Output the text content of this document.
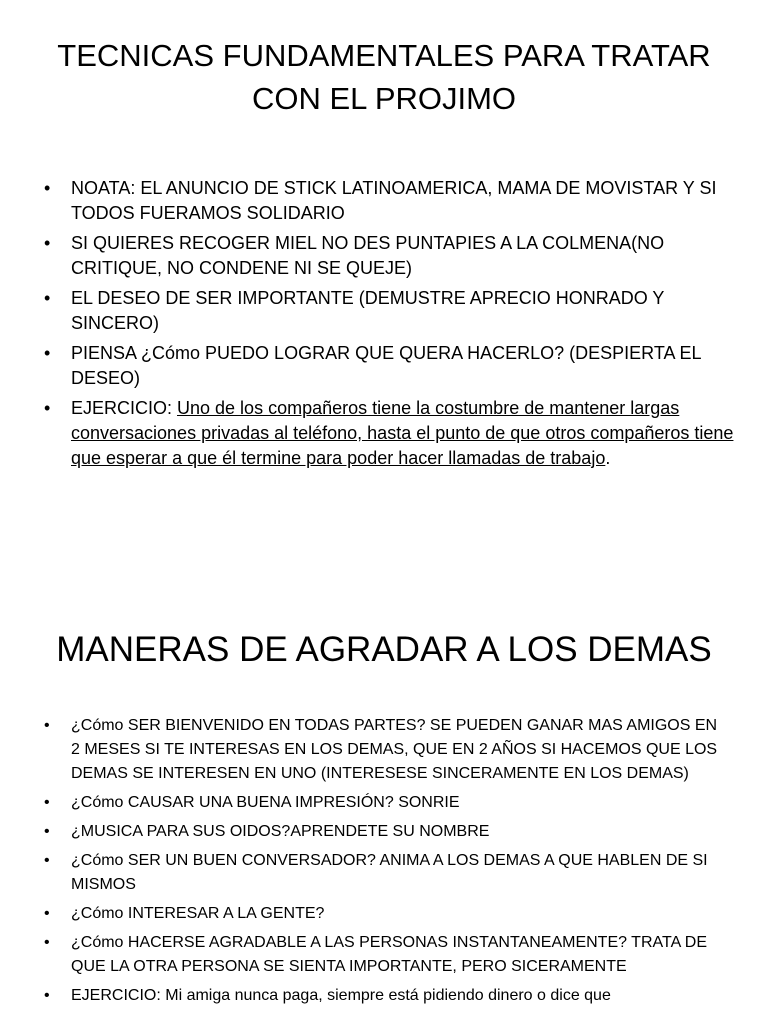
TECNICAS FUNDAMENTALES PARA TRATAR CON EL PROJIMO
• NOATA: EL ANUNCIO DE STICK LATINOAMERICA, MAMA DE MOVISTAR Y SI TODOS FUERAMOS SOLIDARIO
• SI QUIERES RECOGER MIEL NO DES PUNTAPIES A LA COLMENA(NO CRITIQUE, NO CONDENE NI SE QUEJE)
• EL DESEO DE SER IMPORTANTE (DEMUSTRE APRECIO HONRADO Y SINCERO)
• PIENSA ¿Cómo PUEDO LOGRAR QUE QUERA HACERLO? (DESPIERTA EL DESEO)
• EJERCICIO: Uno de los compañeros tiene la costumbre de mantener largas conversaciones privadas al teléfono, hasta el punto de que otros compañeros tiene que esperar a que él termine para poder hacer llamadas de trabajo.
MANERAS DE AGRADAR A LOS DEMAS
• ¿Cómo SER BIENVENIDO EN TODAS PARTES? SE PUEDEN GANAR MAS AMIGOS EN 2 MESES SI TE INTERESAS EN LOS DEMAS, QUE EN 2 AÑOS SI HACEMOS QUE LOS DEMAS SE INTERESEN EN UNO (INTERESESE SINCERAMENTE EN LOS DEMAS)
• ¿Cómo CAUSAR UNA BUENA IMPRESIÓN? SONRIE
• ¿MUSICA PARA SUS OIDOS?APRENDETE SU NOMBRE
• ¿Cómo SER UN BUEN CONVERSADOR? ANIMA A LOS DEMAS A QUE HABLEN DE SI MISMOS
• ¿Cómo INTERESAR A LA GENTE?
• ¿Cómo HACERSE AGRADABLE A LAS PERSONAS INSTANTANEAMENTE? TRATA DE QUE LA OTRA PERSONA SE SIENTA IMPORTANTE, PERO SICERAMENTE
• EJERCICIO: Mi amiga nunca paga, siempre está pidiendo dinero o dice que
